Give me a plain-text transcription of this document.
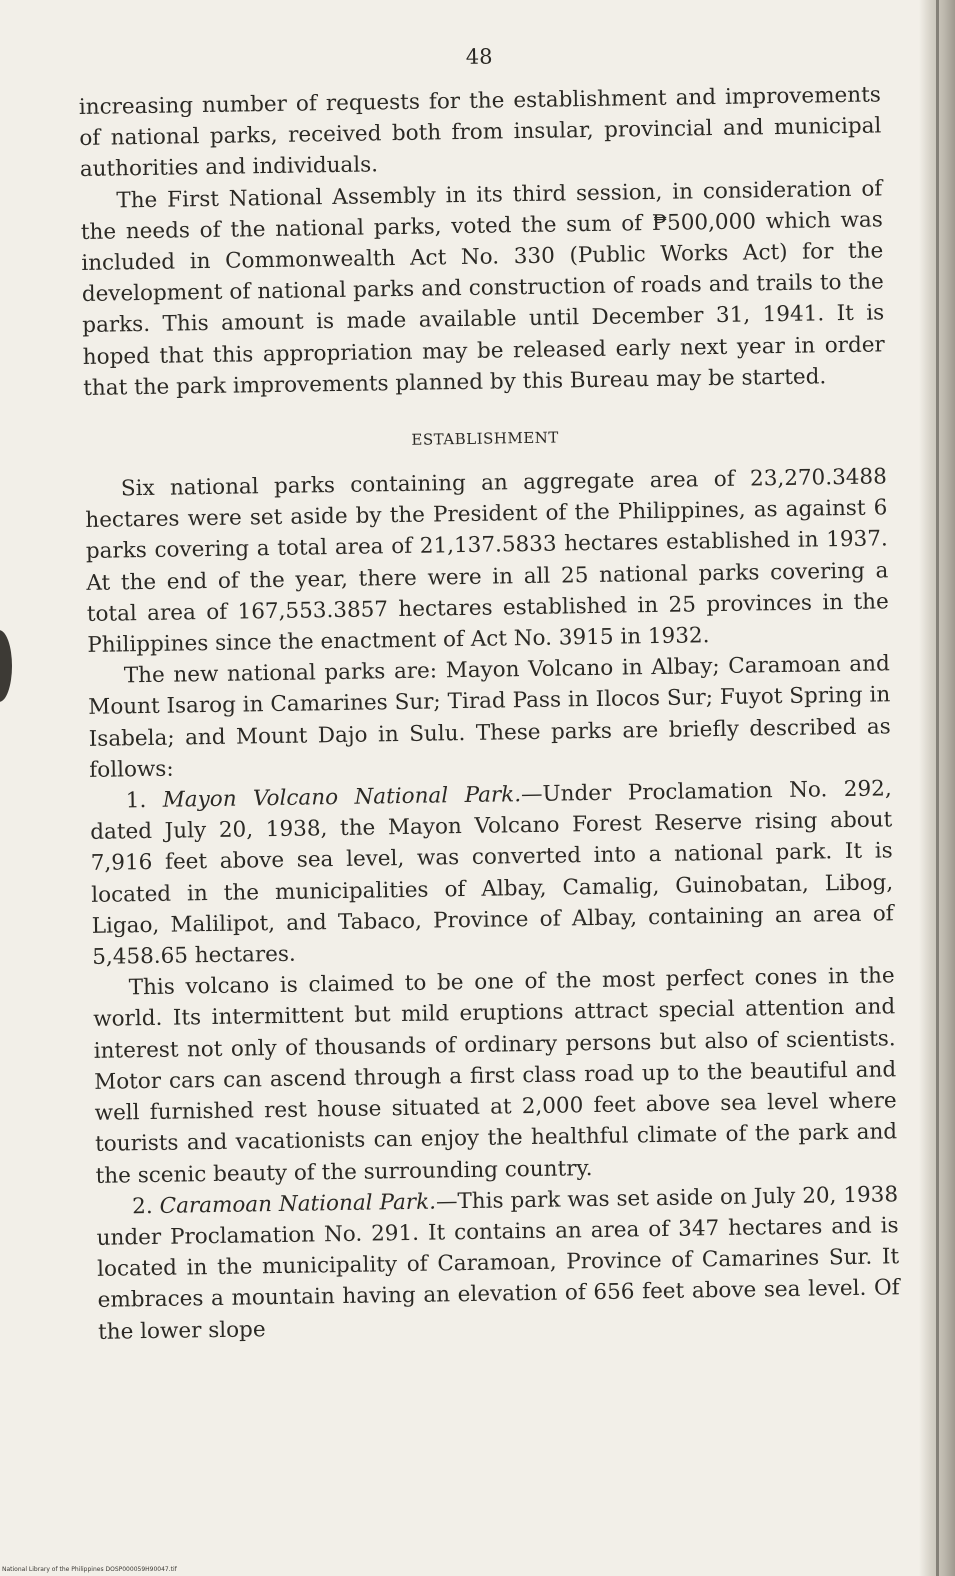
48

increasing number of requests for the establishment and improvements of national parks, received both from insular, provincial and municipal authorities and individuals.

The First National Assembly in its third session, in consideration of the needs of the national parks, voted the sum of ₱500,000 which was included in Commonwealth Act No. 330 (Public Works Act) for the development of national parks and construction of roads and trails to the parks. This amount is made available until December 31, 1941. It is hoped that this appropriation may be released early next year in order that the park improvements planned by this Bureau may be started.

ESTABLISHMENT

Six national parks containing an aggregate area of 23,270.3488 hectares were set aside by the President of the Philippines, as against 6 parks covering a total area of 21,137.5833 hectares established in 1937. At the end of the year, there were in all 25 national parks covering a total area of 167,553.3857 hectares established in 25 provinces in the Philippines since the enactment of Act No. 3915 in 1932.

The new national parks are: Mayon Volcano in Albay; Caramoan and Mount Isarog in Camarines Sur; Tirad Pass in Ilocos Sur; Fuyot Spring in Isabela; and Mount Dajo in Sulu. These parks are briefly described as follows:

1. Mayon Volcano National Park.—Under Proclamation No. 292, dated July 20, 1938, the Mayon Volcano Forest Reserve rising about 7,916 feet above sea level, was converted into a national park. It is located in the municipalities of Albay, Camalig, Guinobatan, Libog, Ligao, Malilipot, and Tabaco, Province of Albay, containing an area of 5,458.65 hectares.

This volcano is claimed to be one of the most perfect cones in the world. Its intermittent but mild eruptions attract special attention and interest not only of thousands of ordinary persons but also of scientists. Motor cars can ascend through a first class road up to the beautiful and well furnished rest house situated at 2,000 feet above sea level where tourists and vacationists can enjoy the healthful climate of the park and the scenic beauty of the surrounding country.

2. Caramoan National Park.—This park was set aside on July 20, 1938 under Proclamation No. 291. It contains an area of 347 hectares and is located in the municipality of Caramoan, Province of Camarines Sur. It embraces a mountain having an elevation of 656 feet above sea level. Of the lower slope

National Library of the Philippines DOSP000059H90047.tif
